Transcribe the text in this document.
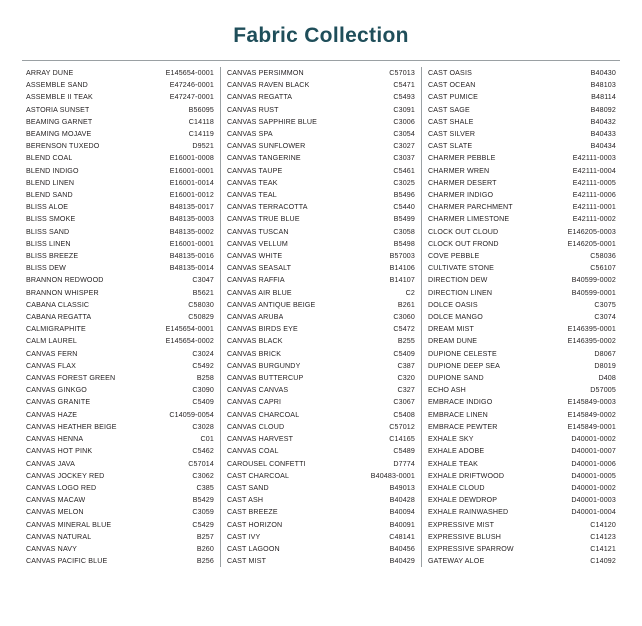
Fabric Collection
ARRAY DUNE	E145654-0001
ASSEMBLE SAND	E47246-0001
ASSEMBLE II TEAK	E47247-0001
ASTORIA SUNSET	B56095
BEAMING GARNET	C14118
BEAMING MOJAVE	C14119
BERENSON TUXEDO	D9521
BLEND COAL	E16001-0008
BLEND INDIGO	E16001-0001
BLEND LINEN	E16001-0014
BLEND SAND	E16001-0012
BLISS ALOE	B48135-0017
BLISS SMOKE	B48135-0003
BLISS SAND	B48135-0002
BLISS LINEN	E16001-0001
BLISS BREEZE	B48135-0016
BLISS DEW	B48135-0014
BRANNON REDWOOD	C3047
BRANNON WHISPER	B5621
CABANA CLASSIC	C58030
CABANA REGATTA	C50829
CALMIGRAPHITE	E145654-0001
CALM LAUREL	E145654-0002
CANVAS FERN	C3024
CANVAS FLAX	C5492
CANVAS FOREST GREEN	B258
CANVAS GINKGO	C3090
CANVAS GRANITE	C5409
CANVAS HAZE	C14059-0054
CANVAS HEATHER BEIGE	C3028
CANVAS HENNA	C01
CANVAS HOT PINK	C5462
CANVAS JAVA	C57014
CANVAS JOCKEY RED	C3062
CANVAS LOGO RED	C385
CANVAS MACAW	B5429
CANVAS MELON	C3059
CANVAS MINERAL BLUE	C5429
CANVAS NATURAL	B257
CANVAS NAVY	B260
CANVAS PACIFIC BLUE	B256
CANVAS PERSIMMON	C57013
CANVAS RAVEN BLACK	C5471
CANVAS REGATTA	C5493
CANVAS RUST	C3091
CANVAS SAPPHIRE BLUE	C3006
CANVAS SPA	C3054
CANVAS SUNFLOWER	C3027
CANVAS TANGERINE	C3037
CANVAS TAUPE	C5461
CANVAS TEAK	C3025
CANVAS TEAL	B5496
CANVAS TERRACOTTA	C5440
CANVAS TRUE BLUE	B5499
CANVAS TUSCAN	C3058
CANVAS VELLUM	B5498
CANVAS WHITE	B57003
CANVAS SEASALT	B14106
CANVAS RAFFIA	B14107
CANVAS AIR BLUE	C2
CANVAS ANTIQUE BEIGE	B261
CANVAS ARUBA	C3060
CANVAS BIRDS EYE	C5472
CANVAS BLACK	B255
CANVAS BRICK	C5409
CANVAS BURGUNDY	C387
CANVAS BUTTERCUP	C320
CANVAS CANVAS	C327
CANVAS CAPRI	C3067
CANVAS CHARCOAL	C5408
CANVAS CLOUD	C57012
CANVAS HARVEST	C14165
CANVAS COAL	C5489
CAROUSEL CONFETTI	D7774
CAST CHARCOAL	B40483-0001
CAST SAND	B49013
CAST ASH	B40428
CAST BREEZE	B40094
CAST HORIZON	B40091
CAST IVY	C48141
CAST LAGOON	B40456
CAST MIST	B40429
CAST OASIS	B40430
CAST OCEAN	B48103
CAST PUMICE	B48114
CAST SAGE	B48092
CAST SHALE	B40432
CAST SILVER	B40433
CAST SLATE	B40434
CHARMER PEBBLE	E42111-0003
CHARMER WREN	E42111-0004
CHARMER DESERT	E42111-0005
CHARMER INDIGO	E42111-0006
CHARMER PARCHMENT	E42111-0001
CHARMER LIMESTONE	E42111-0002
CLOCK OUT CLOUD	E146205-0003
CLOCK OUT FROND	E146205-0001
COVE PEBBLE	C58036
CULTIVATE STONE	C56107
DIRECTION DEW	B40599-0002
DIRECTION LINEN	B40599-0001
DOLCE OASIS	C3075
DOLCE MANGO	C3074
DREAM MIST	E146395-0001
DREAM DUNE	E146395-0002
DUPIONE CELESTE	D8067
DUPIONE DEEP SEA	D8019
DUPIONE SAND	D408
ECHO ASH	D57005
EMBRACE INDIGO	E145849-0003
EMBRACE LINEN	E145849-0002
EMBRACE PEWTER	E145849-0001
EXHALE SKY	D40001-0002
EXHALE ADOBE	D40001-0007
EXHALE TEAK	D40001-0006
EXHALE DRIFTWOOD	D40001-0005
EXHALE CLOUD	D40001-0002
EXHALE DEWDROP	D40001-0003
EXHALE RAINWASHED	D40001-0004
EXPRESSIVE MIST	C14120
EXPRESSIVE BLUSH	C14123
EXPRESSIVE SPARROW	C14121
GATEWAY ALOE	C14092
